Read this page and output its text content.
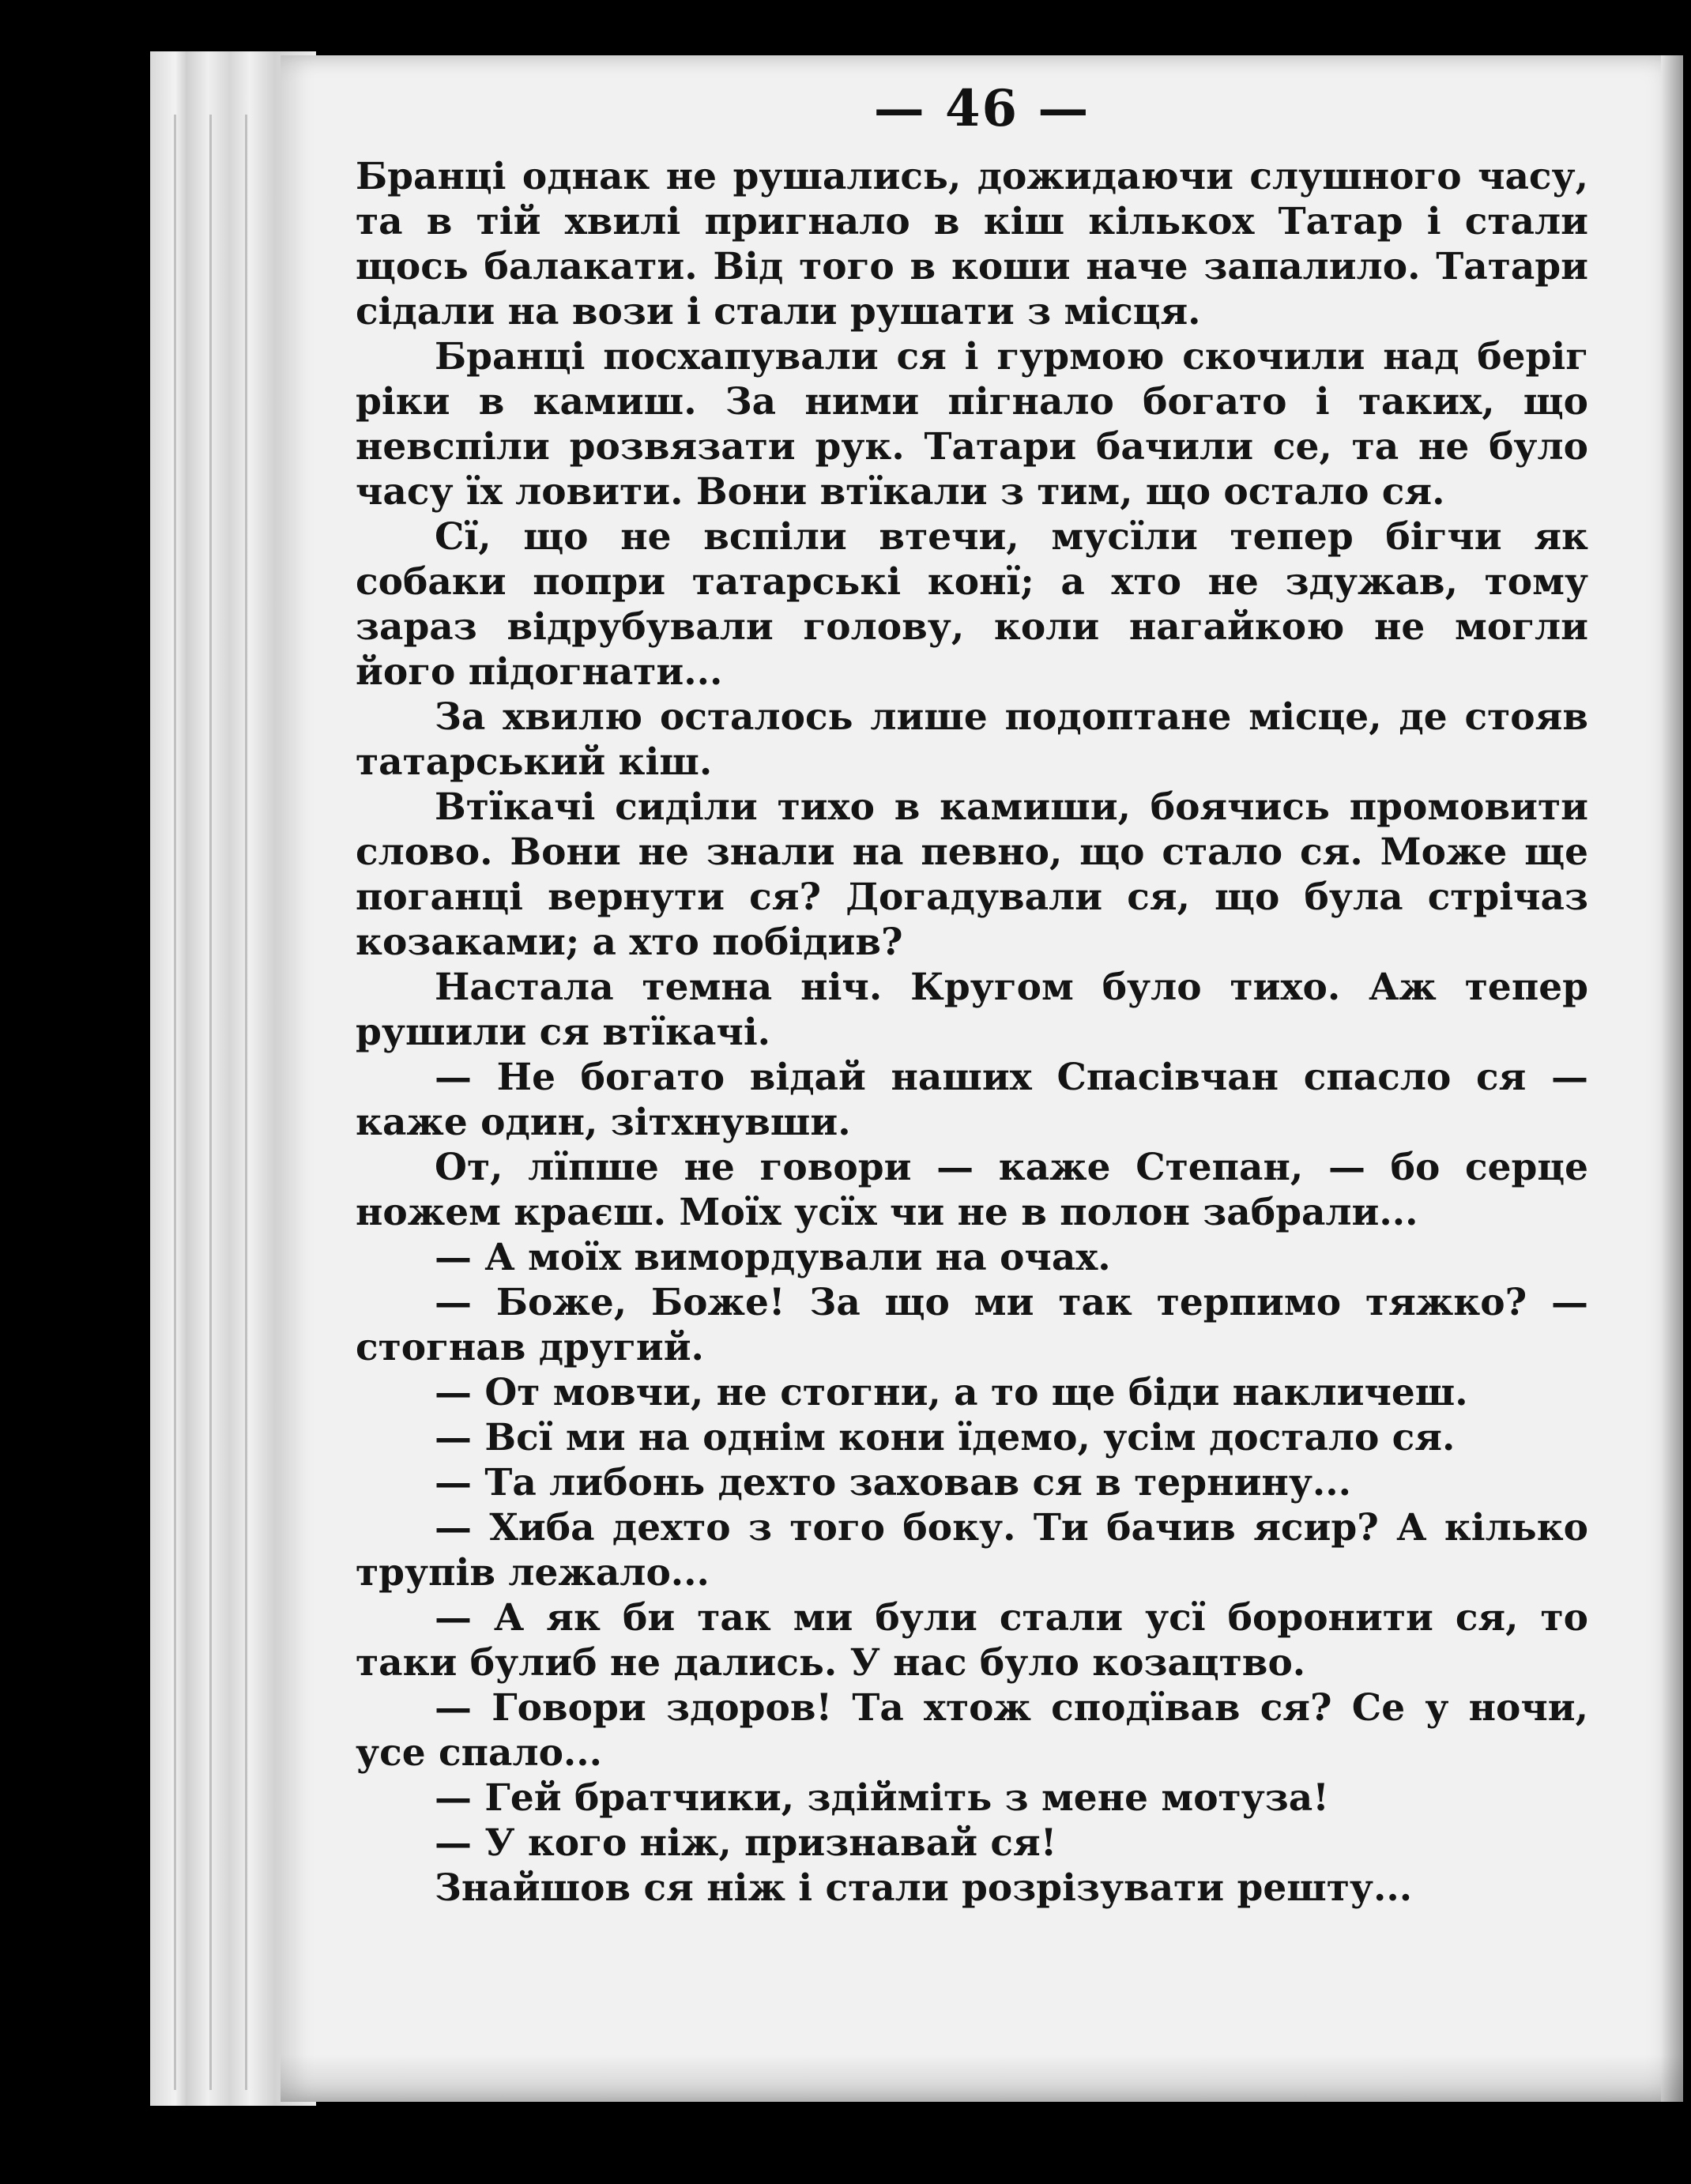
— 46 —

Бранці однак не рушались, дожидаючи слушного часу, та в тій хвилі пригнало в кіш кількох Татар і стали щось балакати. Від того в коши наче запалило. Татари сідали на вози і стали рушати з місця.

Бранці посхапували ся і гурмою скочили над беріг ріки в камиш. За ними пігнало богато і таких, що невспіли розвязати рук. Татари бачили се, та не було часу їх ловити. Вони втїкали з тим, що остало ся.

Сї, що не вспіли втечи, мусїли тепер бігчи як собаки попри татарські конї; а хто не здужав, тому зараз відрубували голову, коли нагайкою не могли його підогнати...

За хвилю осталось лише подоптане місце, де стояв татарський кіш.

Втїкачі сиділи тихо в камиши, боячись промовити слово. Вони не знали на певно, що стало ся. Може ще поганці вернути ся? Догадували ся, що була стрічаз козаками; а хто побідив?

Настала темна ніч. Кругом було тихо. Аж тепер рушили ся втїкачі.

— Не богато відай наших Спасівчан спасло ся — каже один, зітхнувши.

От, лїпше не говори — каже Степан, — бо серце ножем краєш. Моїх усїх чи не в полон забрали...

— А моїх вимордували на очах.

— Боже, Боже! За що ми так терпимо тяжко? — стогнав другий.

— От мовчи, не стогни, а то ще біди накличеш.

— Всї ми на однім кони їдемо, усім достало ся.

— Та либонь дехто заховав ся в тернину...

— Хиба дехто з того боку. Ти бачив ясир? А кілько трупів лежало...

— А як би так ми були стали усї боронити ся, то таки булиб не дались. У нас було козацтво.

— Говори здоров! Та хтож сподївав ся? Се у ночи, усе спало...

— Гей братчики, здійміть з мене мотуза!

— У кого ніж, признавай ся!

Знайшов ся ніж і стали розрізувати решту...
